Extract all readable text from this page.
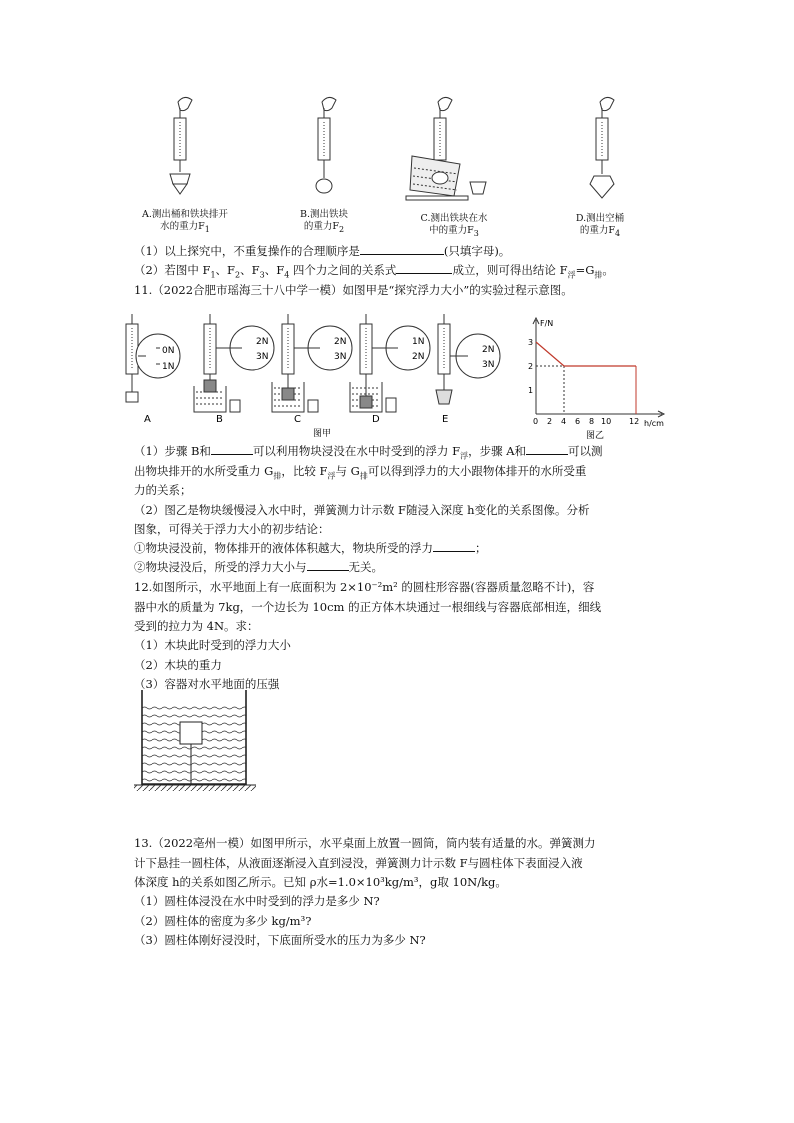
A.测出桶和铁块排开
水的重力$F_1$
B.测出铁块
的重力$F_2$
C.测出铁块在水
中的重力$F_3$
D.测出空桶
的重力$F_4$
（1）以上探究中，不重复操作的合理顺序是	(只填字母)。
（2）若图中 $F_1$、$F_2$、$F_3$、$F_4$ 四个力之间的关系式	成立，则可得出结论 $F_浮=G_排$。
11.（2022合肥市瑶海三十八中学一模）如图甲是“探究浮力大小”的实验过程示意图。
0N
1N
2N
3N
2N
3N
1N
2N
2N
3N
A	B	C	D	E
图甲
F/N
h/cm
1
2
3
0 2 4 6 8 10 12
图乙
（1）步骤 B和	可以利用物块浸没在水中时受到的浮力 $F_浮$，步骤 A和	可以测
出物块排开的水所受重力 $G_排$，比较 $F_浮$与 $G_排$可以得到浮力的大小跟物体排开的水所受重
力的关系；
（2）图乙是物块缓慢浸入水中时，弹簧测力计示数 F随浸入深度 h变化的关系图像。分析
图象，可得关于浮力大小的初步结论：
①物块浸没前，物体排开的液体体积越大，物块所受的浮力	；
②物块浸没后，所受的浮力大小与	无关。
12.如图所示，水平地面上有一底面积为 2×10⁻²m² 的圆柱形容器(容器质量忽略不计)，容
器中水的质量为 7kg，一个边长为 10cm 的正方体木块通过一根细线与容器底部相连，细线
受到的拉力为 4N。求：
（1）木块此时受到的浮力大小
（2）木块的重力
（3）容器对水平地面的压强
13.（2022亳州一模）如图甲所示，水平桌面上放置一圆筒，筒内装有适量的水。弹簧测力
计下悬挂一圆柱体，从液面逐渐浸入直到浸没，弹簧测力计示数 F与圆柱体下表面浸入液
体深度 h的关系如图乙所示。已知 ρ水=1.0×10³kg/m³，g取 10N/kg。
（1）圆柱体浸没在水中时受到的浮力是多少 N?
（2）圆柱体的密度为多少 kg/m³?
（3）圆柱体刚好浸没时，下底面所受水的压力为多少 N?
